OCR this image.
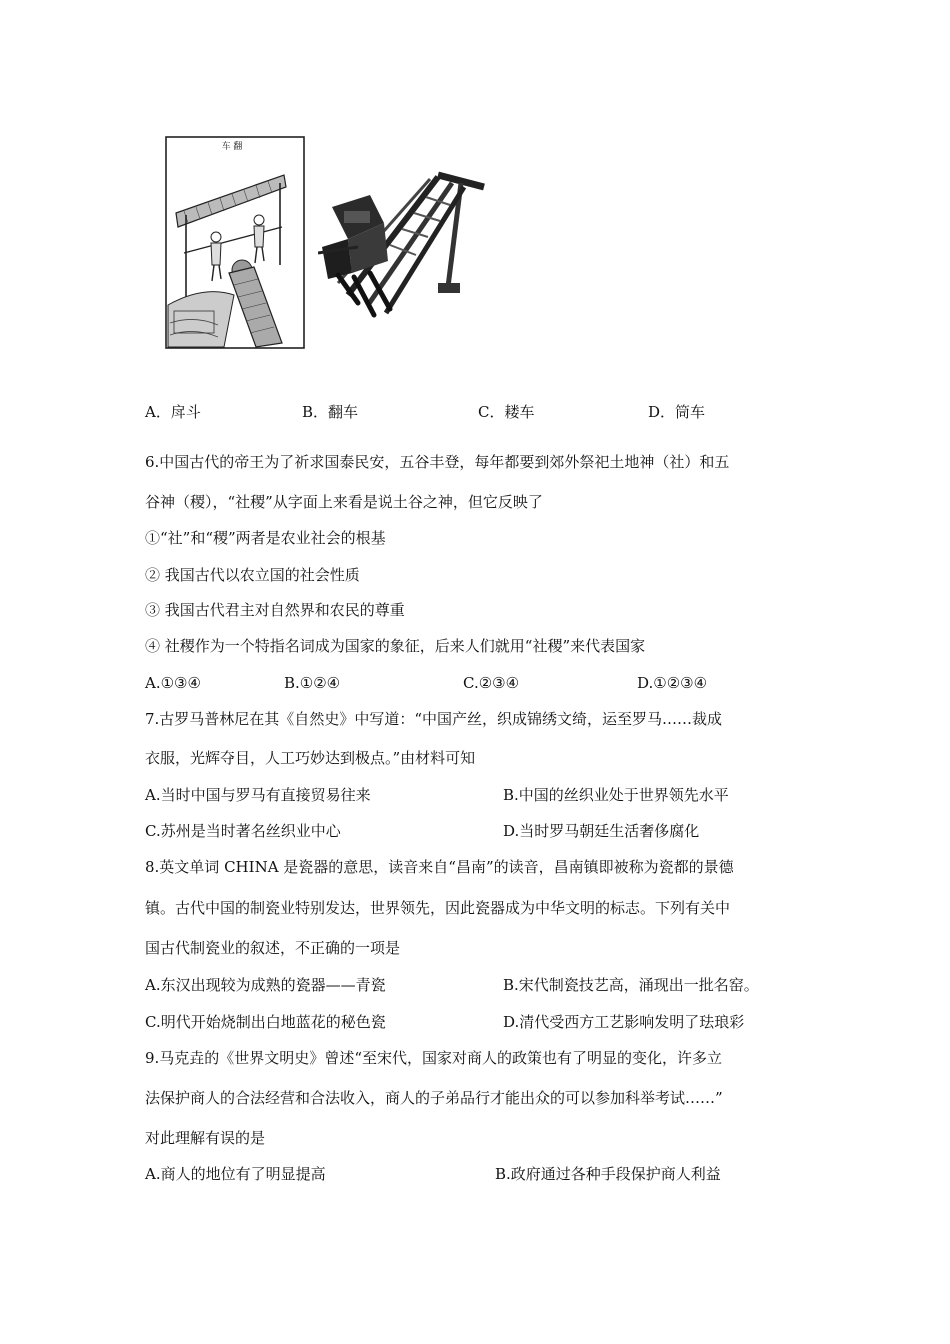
车 翻
A．戽斗	B．翻车	C．耧车	D．筒车
6.中国古代的帝王为了祈求国泰民安，五谷丰登，每年都要到郊外祭祀土地神（社）和五
谷神（稷），“社稷”从字面上来看是说土谷之神，但它反映了
①“社”和“稷”两者是农业社会的根基
② 我国古代以农立国的社会性质
③ 我国古代君主对自然界和农民的尊重
④ 社稷作为一个特指名词成为国家的象征，后来人们就用“社稷”来代表国家
A.①③④	B.①②④	C.②③④	D.①②③④
7.古罗马普林尼在其《自然史》中写道：“中国产丝，织成锦绣文绮，运至罗马……裁成
衣服，光辉夺目，人工巧妙达到极点。”由材料可知
A.当时中国与罗马有直接贸易往来	B.中国的丝织业处于世界领先水平
C.苏州是当时著名丝织业中心	D.当时罗马朝廷生活奢侈腐化
8.英文单词 CHINA 是瓷器的意思，读音来自“昌南”的读音，昌南镇即被称为瓷都的景德
镇。古代中国的制瓷业特别发达，世界领先，因此瓷器成为中华文明的标志。下列有关中
国古代制瓷业的叙述，不正确的一项是
A.东汉出现较为成熟的瓷器——青瓷	B.宋代制瓷技艺高，涌现出一批名窑。
C.明代开始烧制出白地蓝花的秘色瓷	D.清代受西方工艺影响发明了珐琅彩
9.马克垚的《世界文明史》曾述“至宋代，国家对商人的政策也有了明显的变化，许多立
法保护商人的合法经营和合法收入，商人的子弟品行才能出众的可以参加科举考试……”
对此理解有误的是
A.商人的地位有了明显提高	B.政府通过各种手段保护商人利益
